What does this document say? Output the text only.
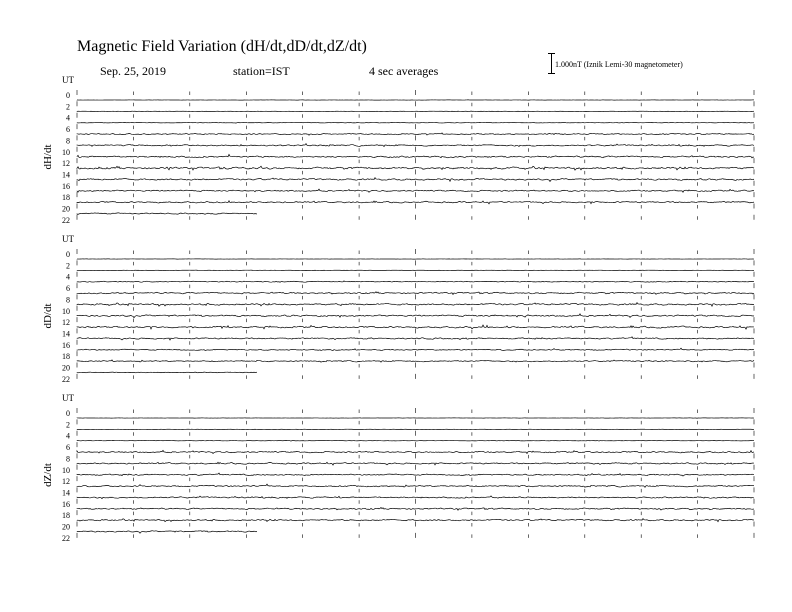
Magnetic Field Variation (dH/dt,dD/dt,dZ/dt)
Sep. 25, 2019	station=IST	4 sec averages	1.000nT (Iznik Lemi-30 magnetometer)
UT
dH/dt
0
2
4
6
8
10
12
14
16
18
20
22
UT
dD/dt
0
2
4
6
8
10
12
14
16
18
20
22
UT
dZ/dt
0
2
4
6
8
10
12
14
16
18
20
22
